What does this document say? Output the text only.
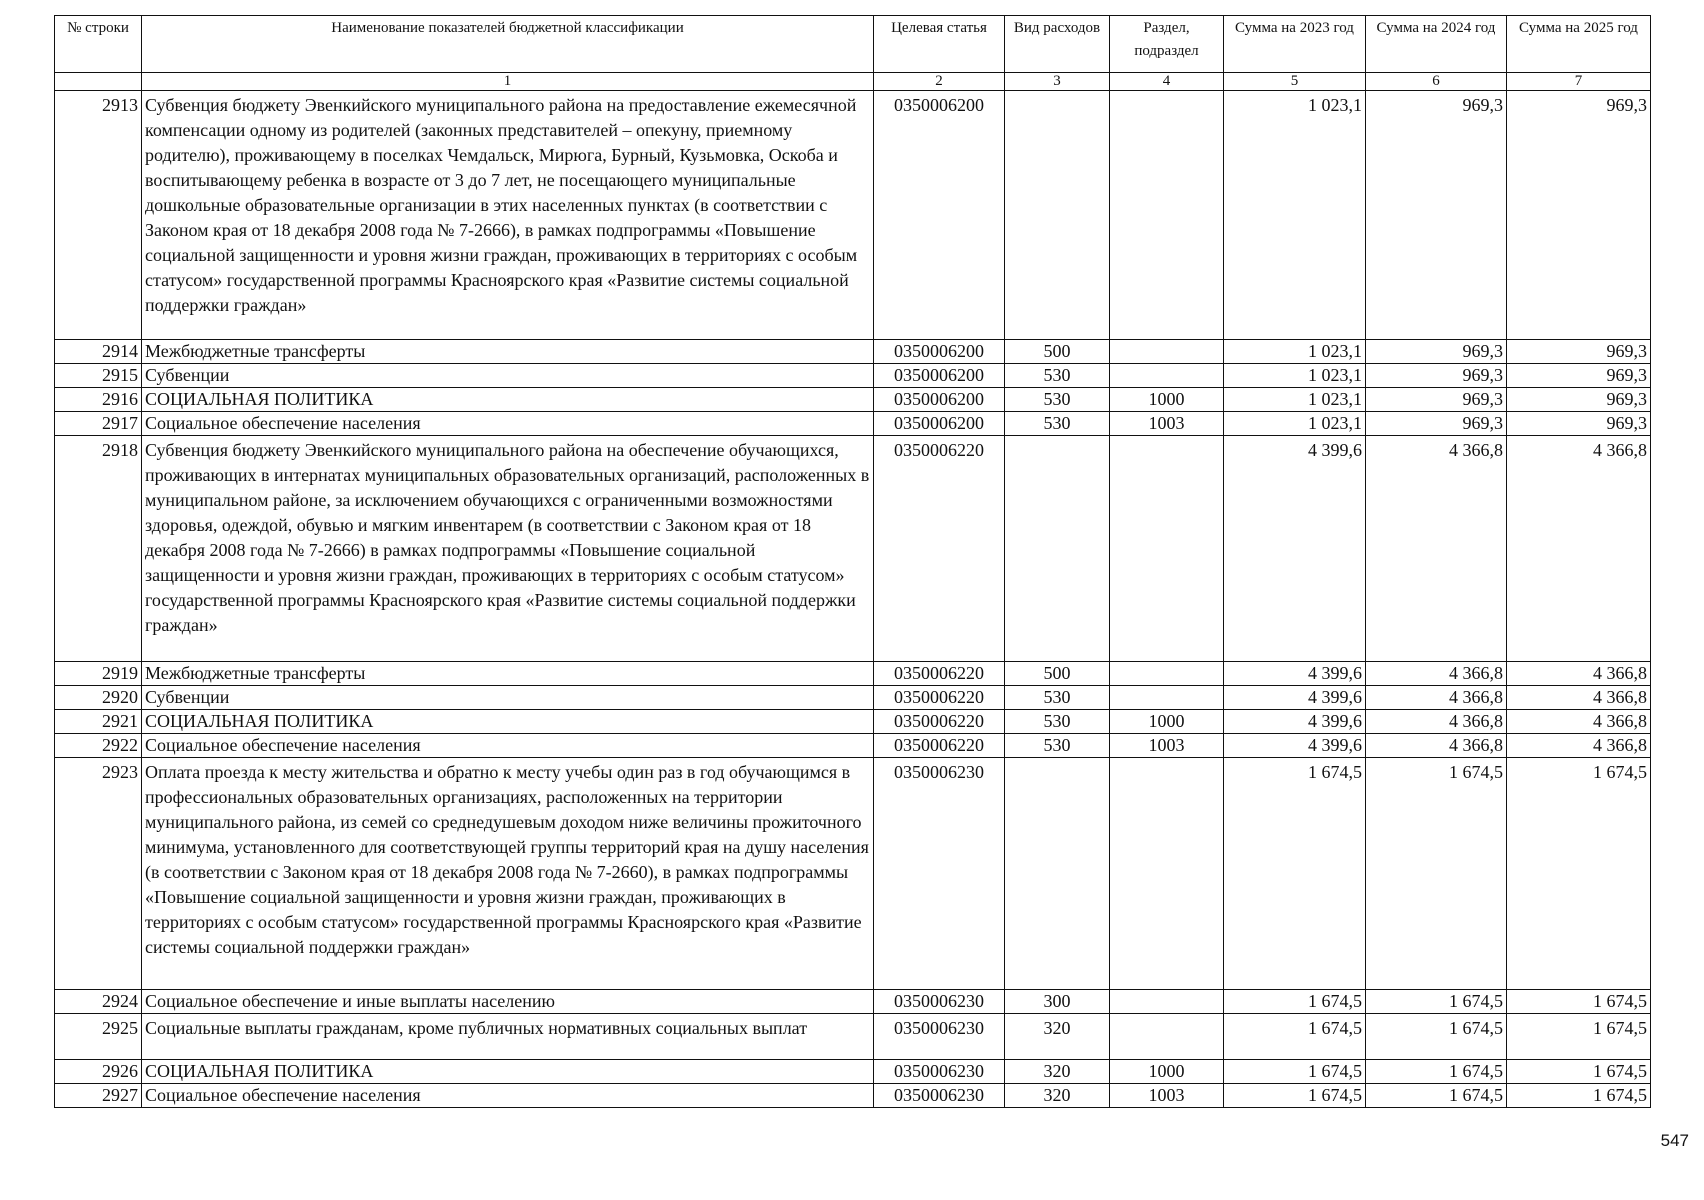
№ строки	Наименование показателей бюджетной классификации	Целевая статья	Вид расходов	Раздел, подраздел	Сумма на 2023 год	Сумма на 2024 год	Сумма на 2025 год
	1	2	3	4	5	6	7
2913	Субвенция бюджету Эвенкийского муниципального района на предоставление ежемесячной компенсации одному из родителей (законных представителей – опекуну, приемному родителю), проживающему в поселках Чемдальск, Мирюга, Бурный, Кузьмовка, Оскоба и воспитывающему ребенка в возрасте от 3 до 7 лет, не посещающего муниципальные дошкольные образовательные организации в этих населенных пунктах (в соответствии с Законом края от 18 декабря 2008 года № 7-2666), в рамках подпрограммы «Повышение социальной защищенности и уровня жизни граждан, проживающих в территориях с особым статусом» государственной программы Красноярского края «Развитие системы социальной поддержки граждан»	0350006200			1 023,1	969,3	969,3
2914	Межбюджетные трансферты	0350006200	500		1 023,1	969,3	969,3
2915	Субвенции	0350006200	530		1 023,1	969,3	969,3
2916	СОЦИАЛЬНАЯ ПОЛИТИКА	0350006200	530	1000	1 023,1	969,3	969,3
2917	Социальное обеспечение населения	0350006200	530	1003	1 023,1	969,3	969,3
2918	Субвенция бюджету Эвенкийского муниципального района на обеспечение обучающихся, проживающих в интернатах муниципальных образовательных организаций, расположенных в муниципальном районе, за исключением обучающихся с ограниченными возможностями здоровья, одеждой, обувью и мягким инвентарем (в соответствии с Законом края от 18 декабря 2008 года № 7-2666) в рамках подпрограммы «Повышение социальной защищенности и уровня жизни граждан, проживающих в территориях с особым статусом» государственной программы Красноярского края «Развитие системы социальной поддержки граждан»	0350006220			4 399,6	4 366,8	4 366,8
2919	Межбюджетные трансферты	0350006220	500		4 399,6	4 366,8	4 366,8
2920	Субвенции	0350006220	530		4 399,6	4 366,8	4 366,8
2921	СОЦИАЛЬНАЯ ПОЛИТИКА	0350006220	530	1000	4 399,6	4 366,8	4 366,8
2922	Социальное обеспечение населения	0350006220	530	1003	4 399,6	4 366,8	4 366,8
2923	Оплата проезда к месту жительства и обратно к месту учебы один раз в год обучающимся в профессиональных образовательных организациях, расположенных на территории муниципального района, из семей со среднедушевым доходом ниже величины прожиточного минимума, установленного для соответствующей группы территорий края на душу населения (в соответствии с Законом края от 18 декабря 2008 года № 7-2660), в рамках подпрограммы «Повышение социальной защищенности и уровня жизни граждан, проживающих в территориях с особым статусом» государственной программы Красноярского края «Развитие системы социальной поддержки граждан»	0350006230			1 674,5	1 674,5	1 674,5
2924	Социальное обеспечение и иные выплаты населению	0350006230	300		1 674,5	1 674,5	1 674,5
2925	Социальные выплаты гражданам, кроме публичных нормативных социальных выплат	0350006230	320		1 674,5	1 674,5	1 674,5
2926	СОЦИАЛЬНАЯ ПОЛИТИКА	0350006230	320	1000	1 674,5	1 674,5	1 674,5
2927	Социальное обеспечение населения	0350006230	320	1003	1 674,5	1 674,5	1 674,5
547
